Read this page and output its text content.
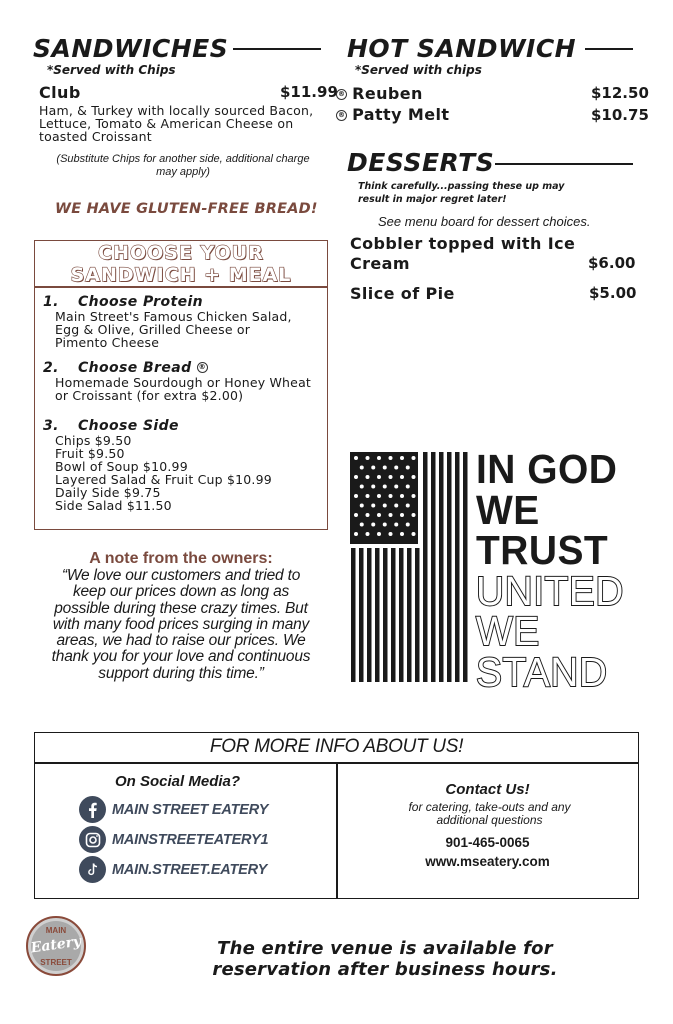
SANDWICHES
*Served with Chips
Club	$11.99
Ham, & Turkey with locally sourced Bacon, Lettuce, Tomato & American Cheese on toasted Croissant
(Substitute Chips for another side, additional charge may apply)
WE HAVE GLUTEN-FREE BREAD!
CHOOSE YOUR
SANDWICH + MEAL
1. Choose Protein
Main Street's Famous Chicken Salad, Egg & Olive, Grilled Cheese or Pimento Cheese
2. Choose Bread ®
Homemade Sourdough or Honey Wheat or Croissant (for extra $2.00)
3. Choose Side
Chips $9.50
Fruit $9.50
Bowl of Soup $10.99
Layered Salad & Fruit Cup $10.99
Daily Side $9.75
Side Salad $11.50
A note from the owners:
“We love our customers and tried to keep our prices down as long as possible during these crazy times. But with many food prices surging in many areas, we had to raise our prices. We thank you for your love and continuous support during this time.”
HOT SANDWICH
*Served with chips
® Reuben	$12.50
® Patty Melt	$10.75
DESSERTS
Think carefully...passing these up may result in major regret later!
See menu board for dessert choices.
Cobbler topped with Ice Cream	$6.00
Slice of Pie	$5.00
IN GOD
WE
TRUST
UNITED
WE
STAND
FOR MORE INFO ABOUT US!
On Social Media?
MAIN STREET EATERY
MAINSTREETEATERY1
MAIN.STREET.EATERY
Contact Us!
for catering, take-outs and any additional questions
901-465-0065
www.mseatery.com
MAIN
Eatery
STREET
The entire venue is available for
reservation after business hours.
